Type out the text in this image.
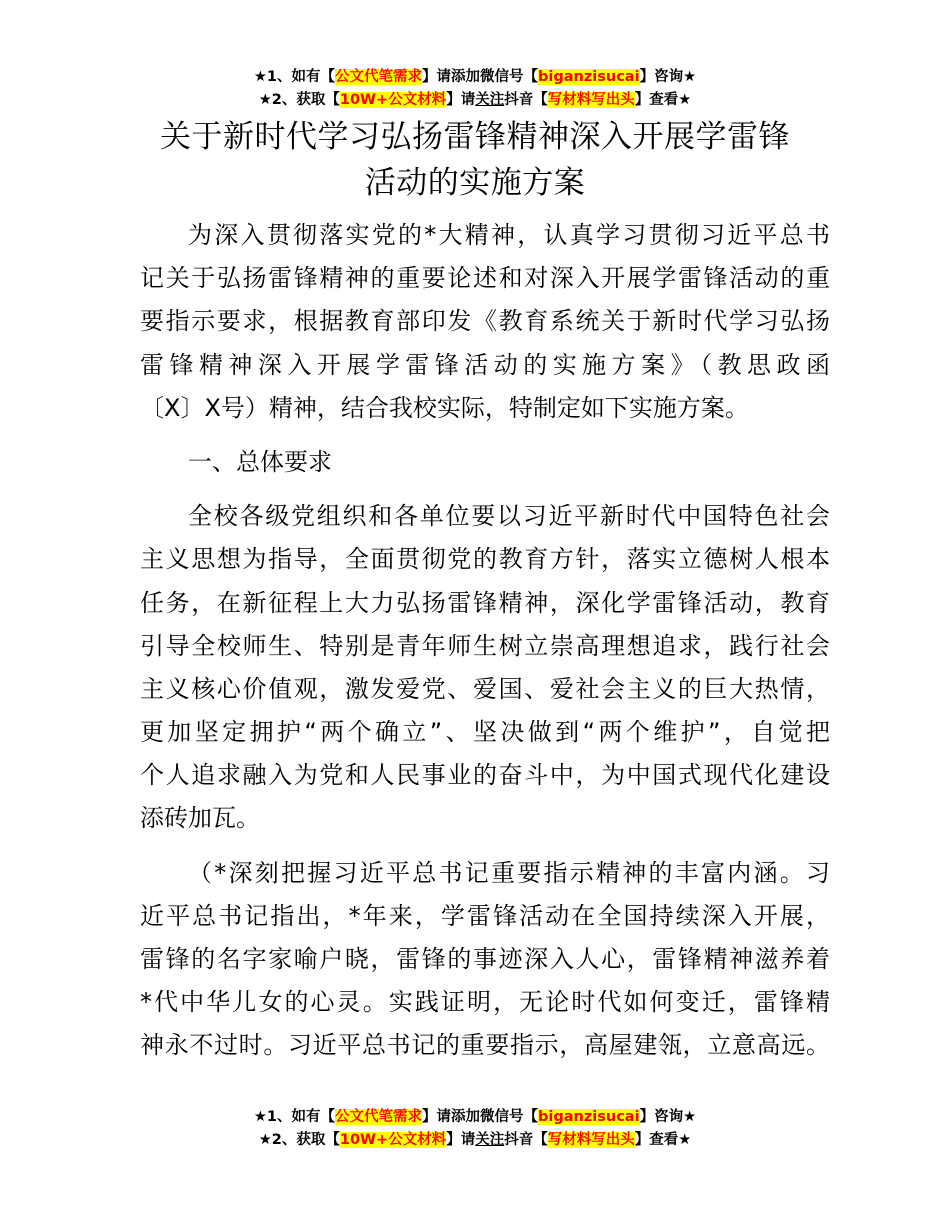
★1、如有【公文代笔需求】请添加微信号【biganzisucai】咨询★
★2、获取【10W+公文材料】请关注抖音【写材料写出头】查看★
关于新时代学习弘扬雷锋精神深入开展学雷锋
活动的实施方案
为深入贯彻落实党的*大精神，认真学习贯彻习近平总书
记关于弘扬雷锋精神的重要论述和对深入开展学雷锋活动的重
要指示要求，根据教育部印发《教育系统关于新时代学习弘扬
雷锋精神深入开展学雷锋活动的实施方案》（教思政函
〔X〕X号）精神，结合我校实际，特制定如下实施方案。
一、总体要求
全校各级党组织和各单位要以习近平新时代中国特色社会
主义思想为指导，全面贯彻党的教育方针，落实立德树人根本
任务，在新征程上大力弘扬雷锋精神，深化学雷锋活动，教育
引导全校师生、特别是青年师生树立崇高理想追求，践行社会
主义核心价值观，激发爱党、爱国、爱社会主义的巨大热情，
更加坚定拥护“两个确立”、坚决做到“两个维护”，自觉把
个人追求融入为党和人民事业的奋斗中，为中国式现代化建设
添砖加瓦。
（*深刻把握习近平总书记重要指示精神的丰富内涵。习
近平总书记指出，*年来，学雷锋活动在全国持续深入开展，
雷锋的名字家喻户晓，雷锋的事迹深入人心，雷锋精神滋养着
*代中华儿女的心灵。实践证明，无论时代如何变迁，雷锋精
神永不过时。习近平总书记的重要指示，高屋建瓴，立意高远。
★1、如有【公文代笔需求】请添加微信号【biganzisucai】咨询★
★2、获取【10W+公文材料】请关注抖音【写材料写出头】查看★
